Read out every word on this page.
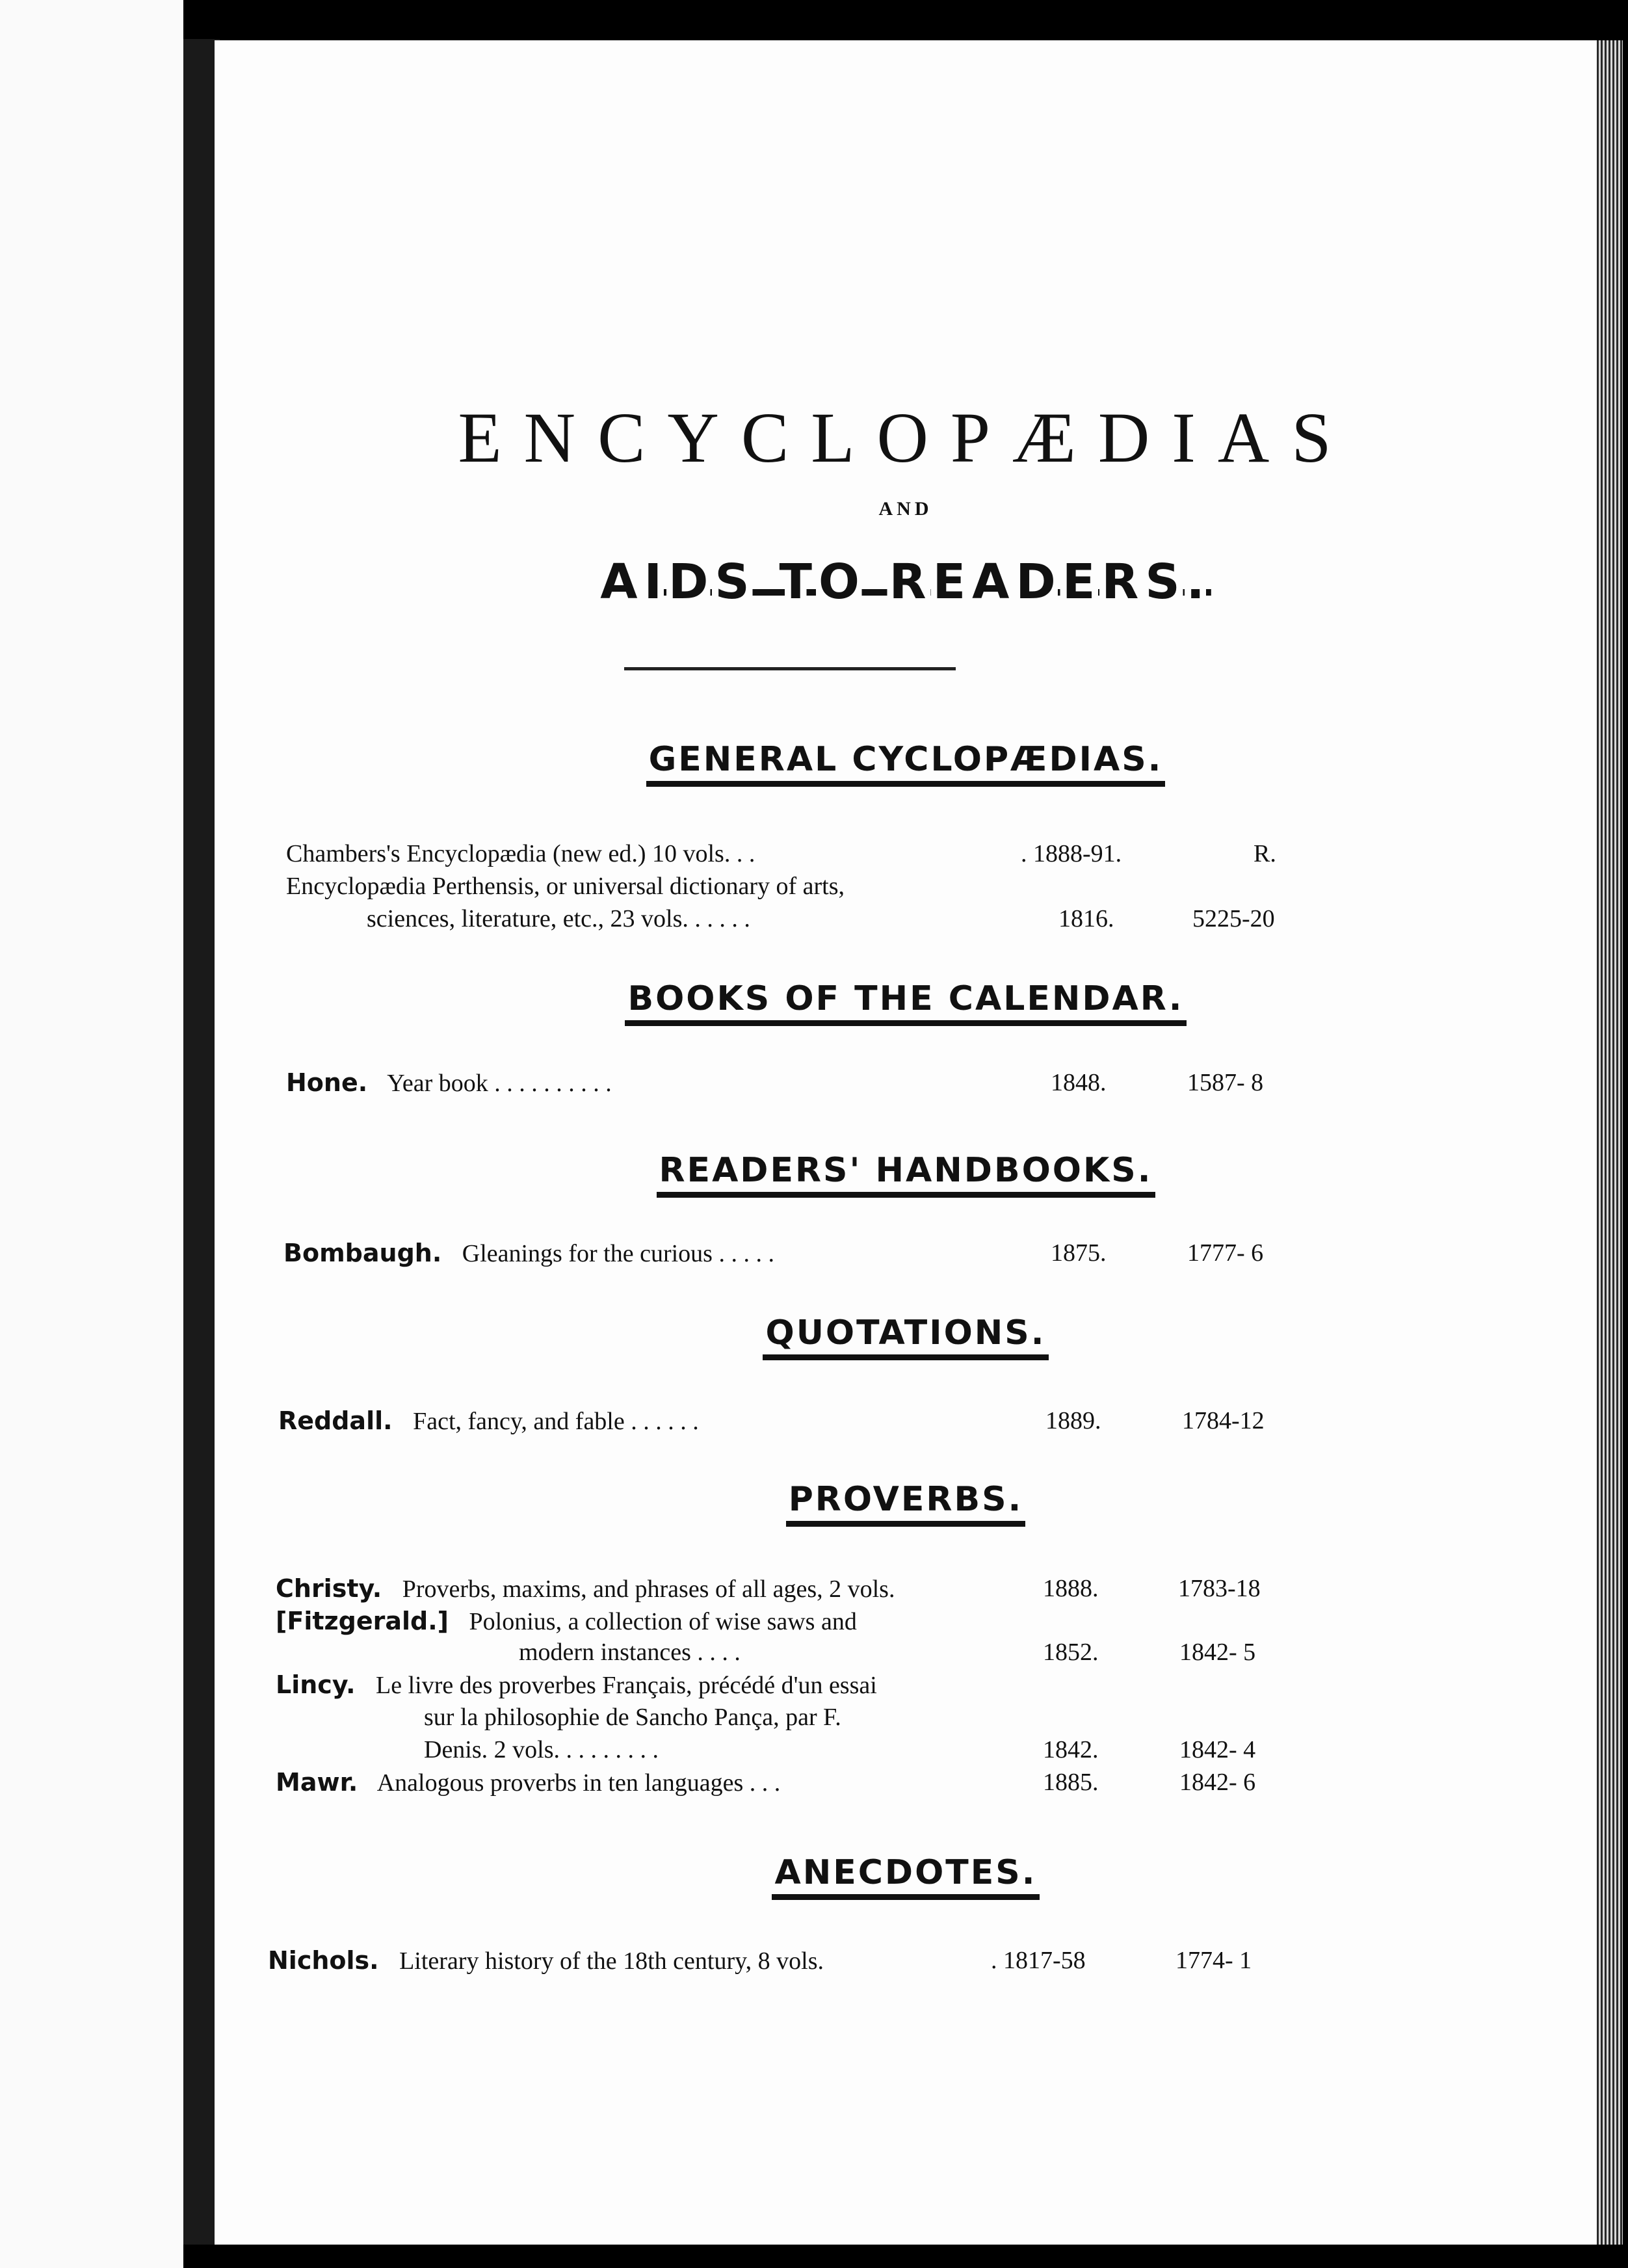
ENCYCLOPÆDIAS
AND
AIDS TO READERS.
GENERAL CYCLOPÆDIAS.
Chambers's Encyclopædia (new ed.) 10 vols. . .	. 1888-91.	R.
Encyclopædia Perthensis, or universal dictionary of arts,
sciences, literature, etc., 23 vols. . . . . .	1816.	5225-20
BOOKS OF THE CALENDAR.
Hone. Year book . . . . . . . . . .	1848.	1587- 8
READERS' HANDBOOKS.
Bombaugh. Gleanings for the curious . . . . .	1875.	1777- 6
QUOTATIONS.
Reddall. Fact, fancy, and fable . . . . . .	1889.	1784-12
PROVERBS.
Christy. Proverbs, maxims, and phrases of all ages, 2 vols.	1888.	1783-18
[Fitzgerald.] Polonius, a collection of wise saws and
modern instances . . . .	1852.	1842- 5
Lincy. Le livre des proverbes Français, précédé d'un essai
sur la philosophie de Sancho Pança, par F.
Denis. 2 vols. . . . . . . . .	1842.	1842- 4
Mawr. Analogous proverbs in ten languages . . .	1885.	1842- 6
ANECDOTES.
Nichols. Literary history of the 18th century, 8 vols.	. 1817-58	1774- 1
